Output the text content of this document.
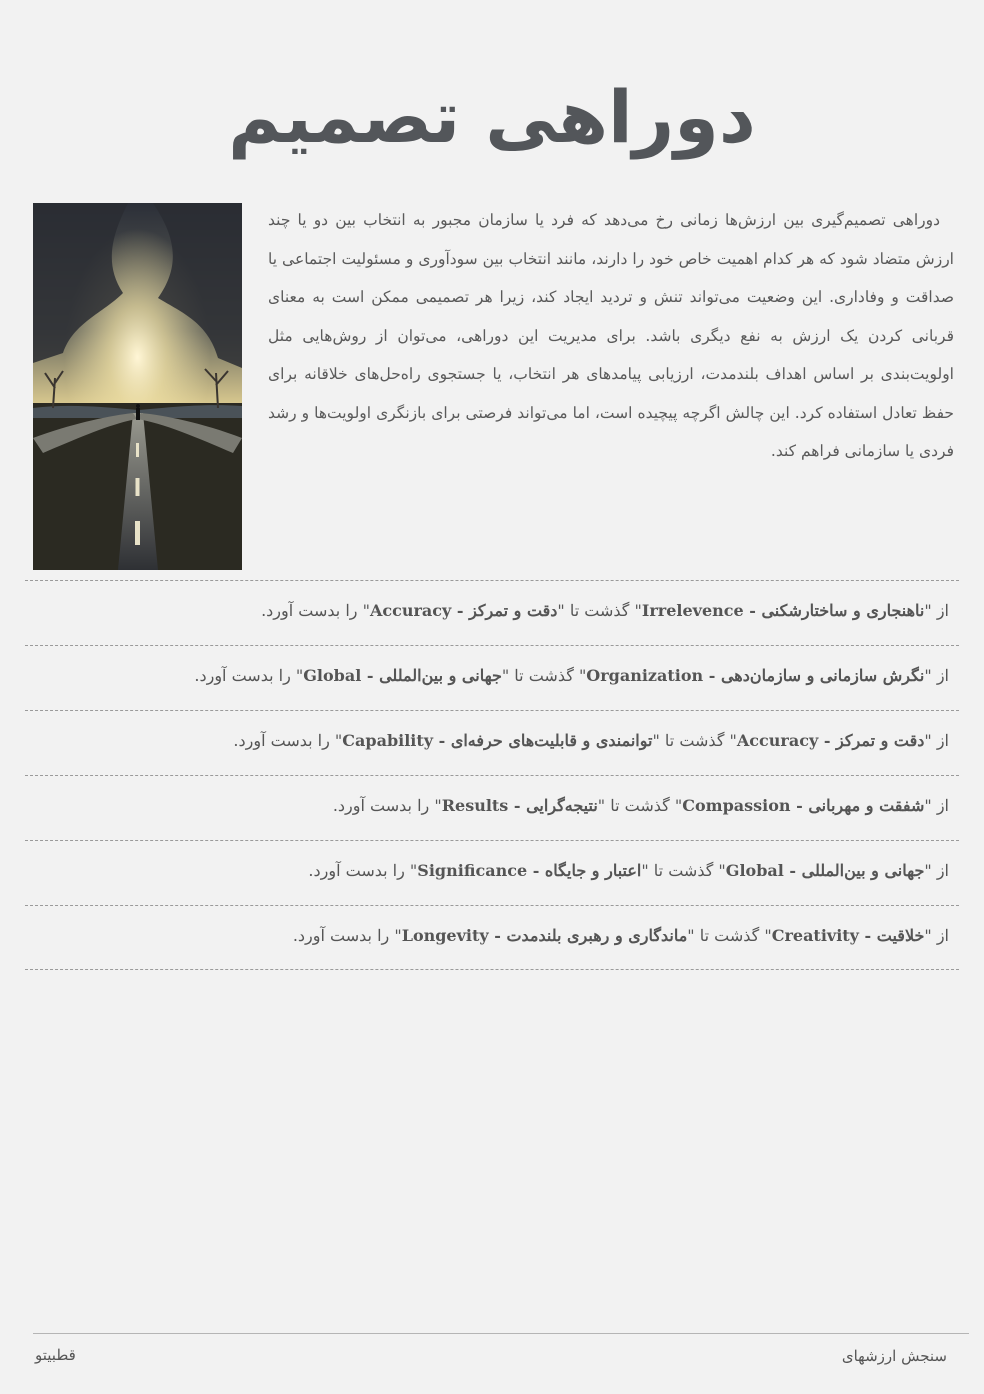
دوراهی تصمیم

دوراهی تصمیم‌گیری بین ارزش‌ها زمانی رخ می‌دهد که فرد یا سازمان مجبور به انتخاب بین دو یا چند ارزش متضاد شود که هر کدام اهمیت خاص خود را دارند، مانند انتخاب بین سودآوری و مسئولیت اجتماعی یا صداقت و وفاداری. این وضعیت می‌تواند تنش و تردید ایجاد کند، زیرا هر تصمیمی ممکن است به معنای قربانی کردن یک ارزش به نفع دیگری باشد. برای مدیریت این دوراهی، می‌توان از روش‌هایی مثل اولویت‌بندی بر اساس اهداف بلندمدت، ارزیابی پیامدهای هر انتخاب، یا جستجوی راه‌حل‌های خلاقانه برای حفظ تعادل استفاده کرد. این چالش اگرچه پیچیده است، اما می‌تواند فرصتی برای بازنگری اولویت‌ها و رشد فردی یا سازمانی فراهم کند.

از "ناهنجاری و ساختارشکنی - Irrelevence" گذشت تا "دقت و تمرکز - Accuracy" را بدست آورد.
از "نگرش سازمانی و سازمان‌دهی - Organization" گذشت تا "جهانی و بین‌المللی - Global" را بدست آورد.
از "دقت و تمرکز - Accuracy" گذشت تا "توانمندی و قابلیت‌های حرفه‌ای - Capability" را بدست آورد.
از "شفقت و مهربانی - Compassion" گذشت تا "نتیجه‌گرایی - Results" را بدست آورد.
از "جهانی و بین‌المللی - Global" گذشت تا "اعتبار و جایگاه - Significance" را بدست آورد.
از "خلاقیت - Creativity" گذشت تا "ماندگاری و رهبری بلندمدت - Longevity" را بدست آورد.
قطبیتو	سنجش ارزشهای
